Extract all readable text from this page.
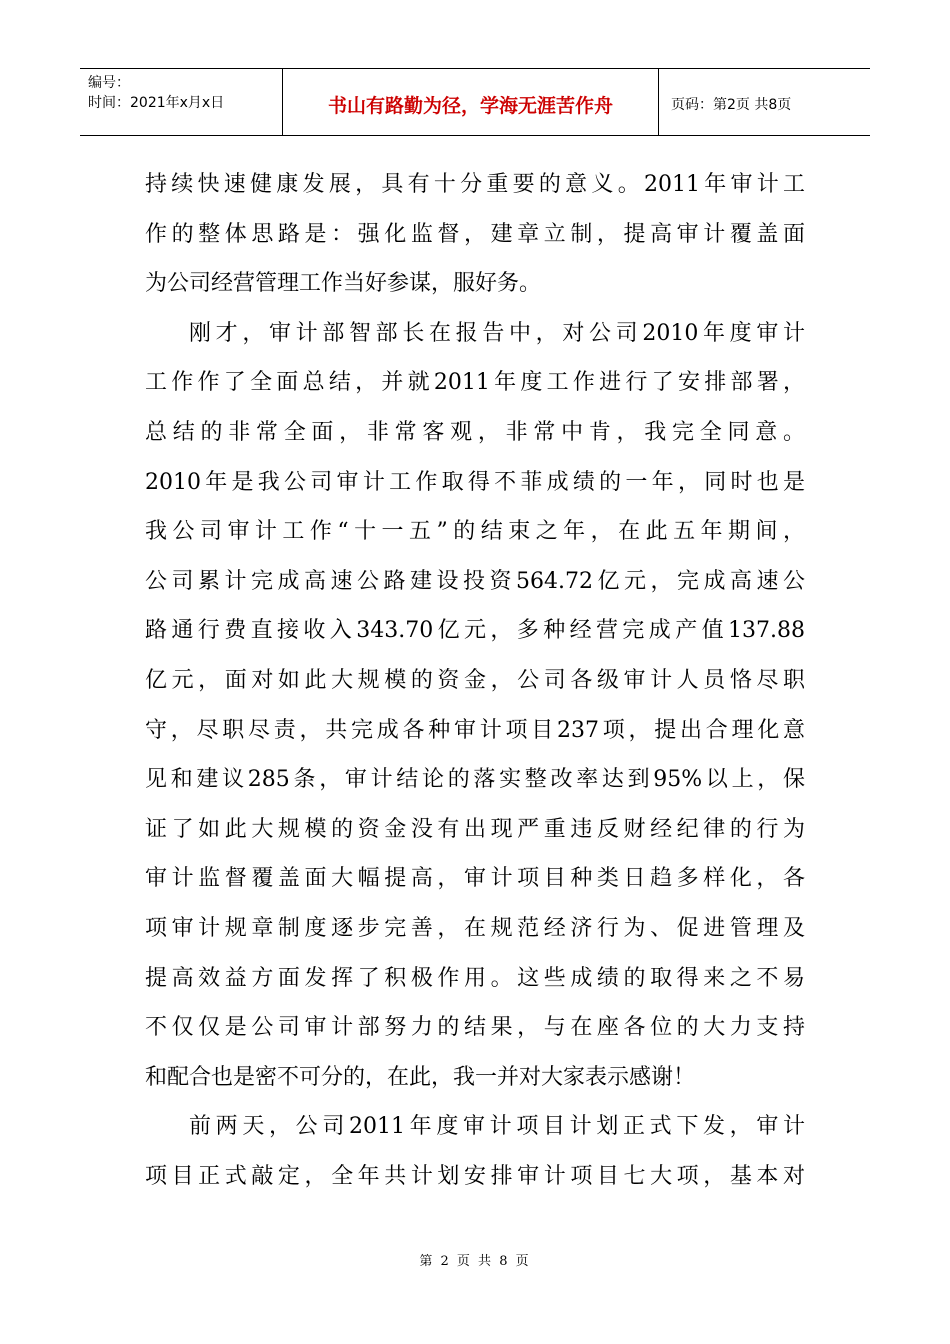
编号：
时间：2021年x月x日	书山有路勤为径，学海无涯苦作舟	页码：第2页 共8页
持续快速健康发展，具有十分重要的意义。2011年审计工
作的整体思路是：强化监督，建章立制，提高审计覆盖面
为公司经营管理工作当好参谋，服好务。
刚才，审计部智部长在报告中，对公司2010年度审计
工作作了全面总结，并就2011年度工作进行了安排部署，
总结的非常全面，非常客观，非常中肯，我完全同意。
2010年是我公司审计工作取得不菲成绩的一年，同时也是
我公司审计工作“十一五”的结束之年，在此五年期间，
公司累计完成高速公路建设投资564.72亿元，完成高速公
路通行费直接收入343.70亿元，多种经营完成产值137.88
亿元，面对如此大规模的资金，公司各级审计人员恪尽职
守，尽职尽责，共完成各种审计项目237项，提出合理化意
见和建议285条，审计结论的落实整改率达到95%以上，保
证了如此大规模的资金没有出现严重违反财经纪律的行为
审计监督覆盖面大幅提高，审计项目种类日趋多样化，各
项审计规章制度逐步完善，在规范经济行为、促进管理及
提高效益方面发挥了积极作用。这些成绩的取得来之不易
不仅仅是公司审计部努力的结果，与在座各位的大力支持
和配合也是密不可分的，在此，我一并对大家表示感谢！
前两天，公司2011年度审计项目计划正式下发，审计
项目正式敲定，全年共计划安排审计项目七大项，基本对
第 2 页 共 8 页
